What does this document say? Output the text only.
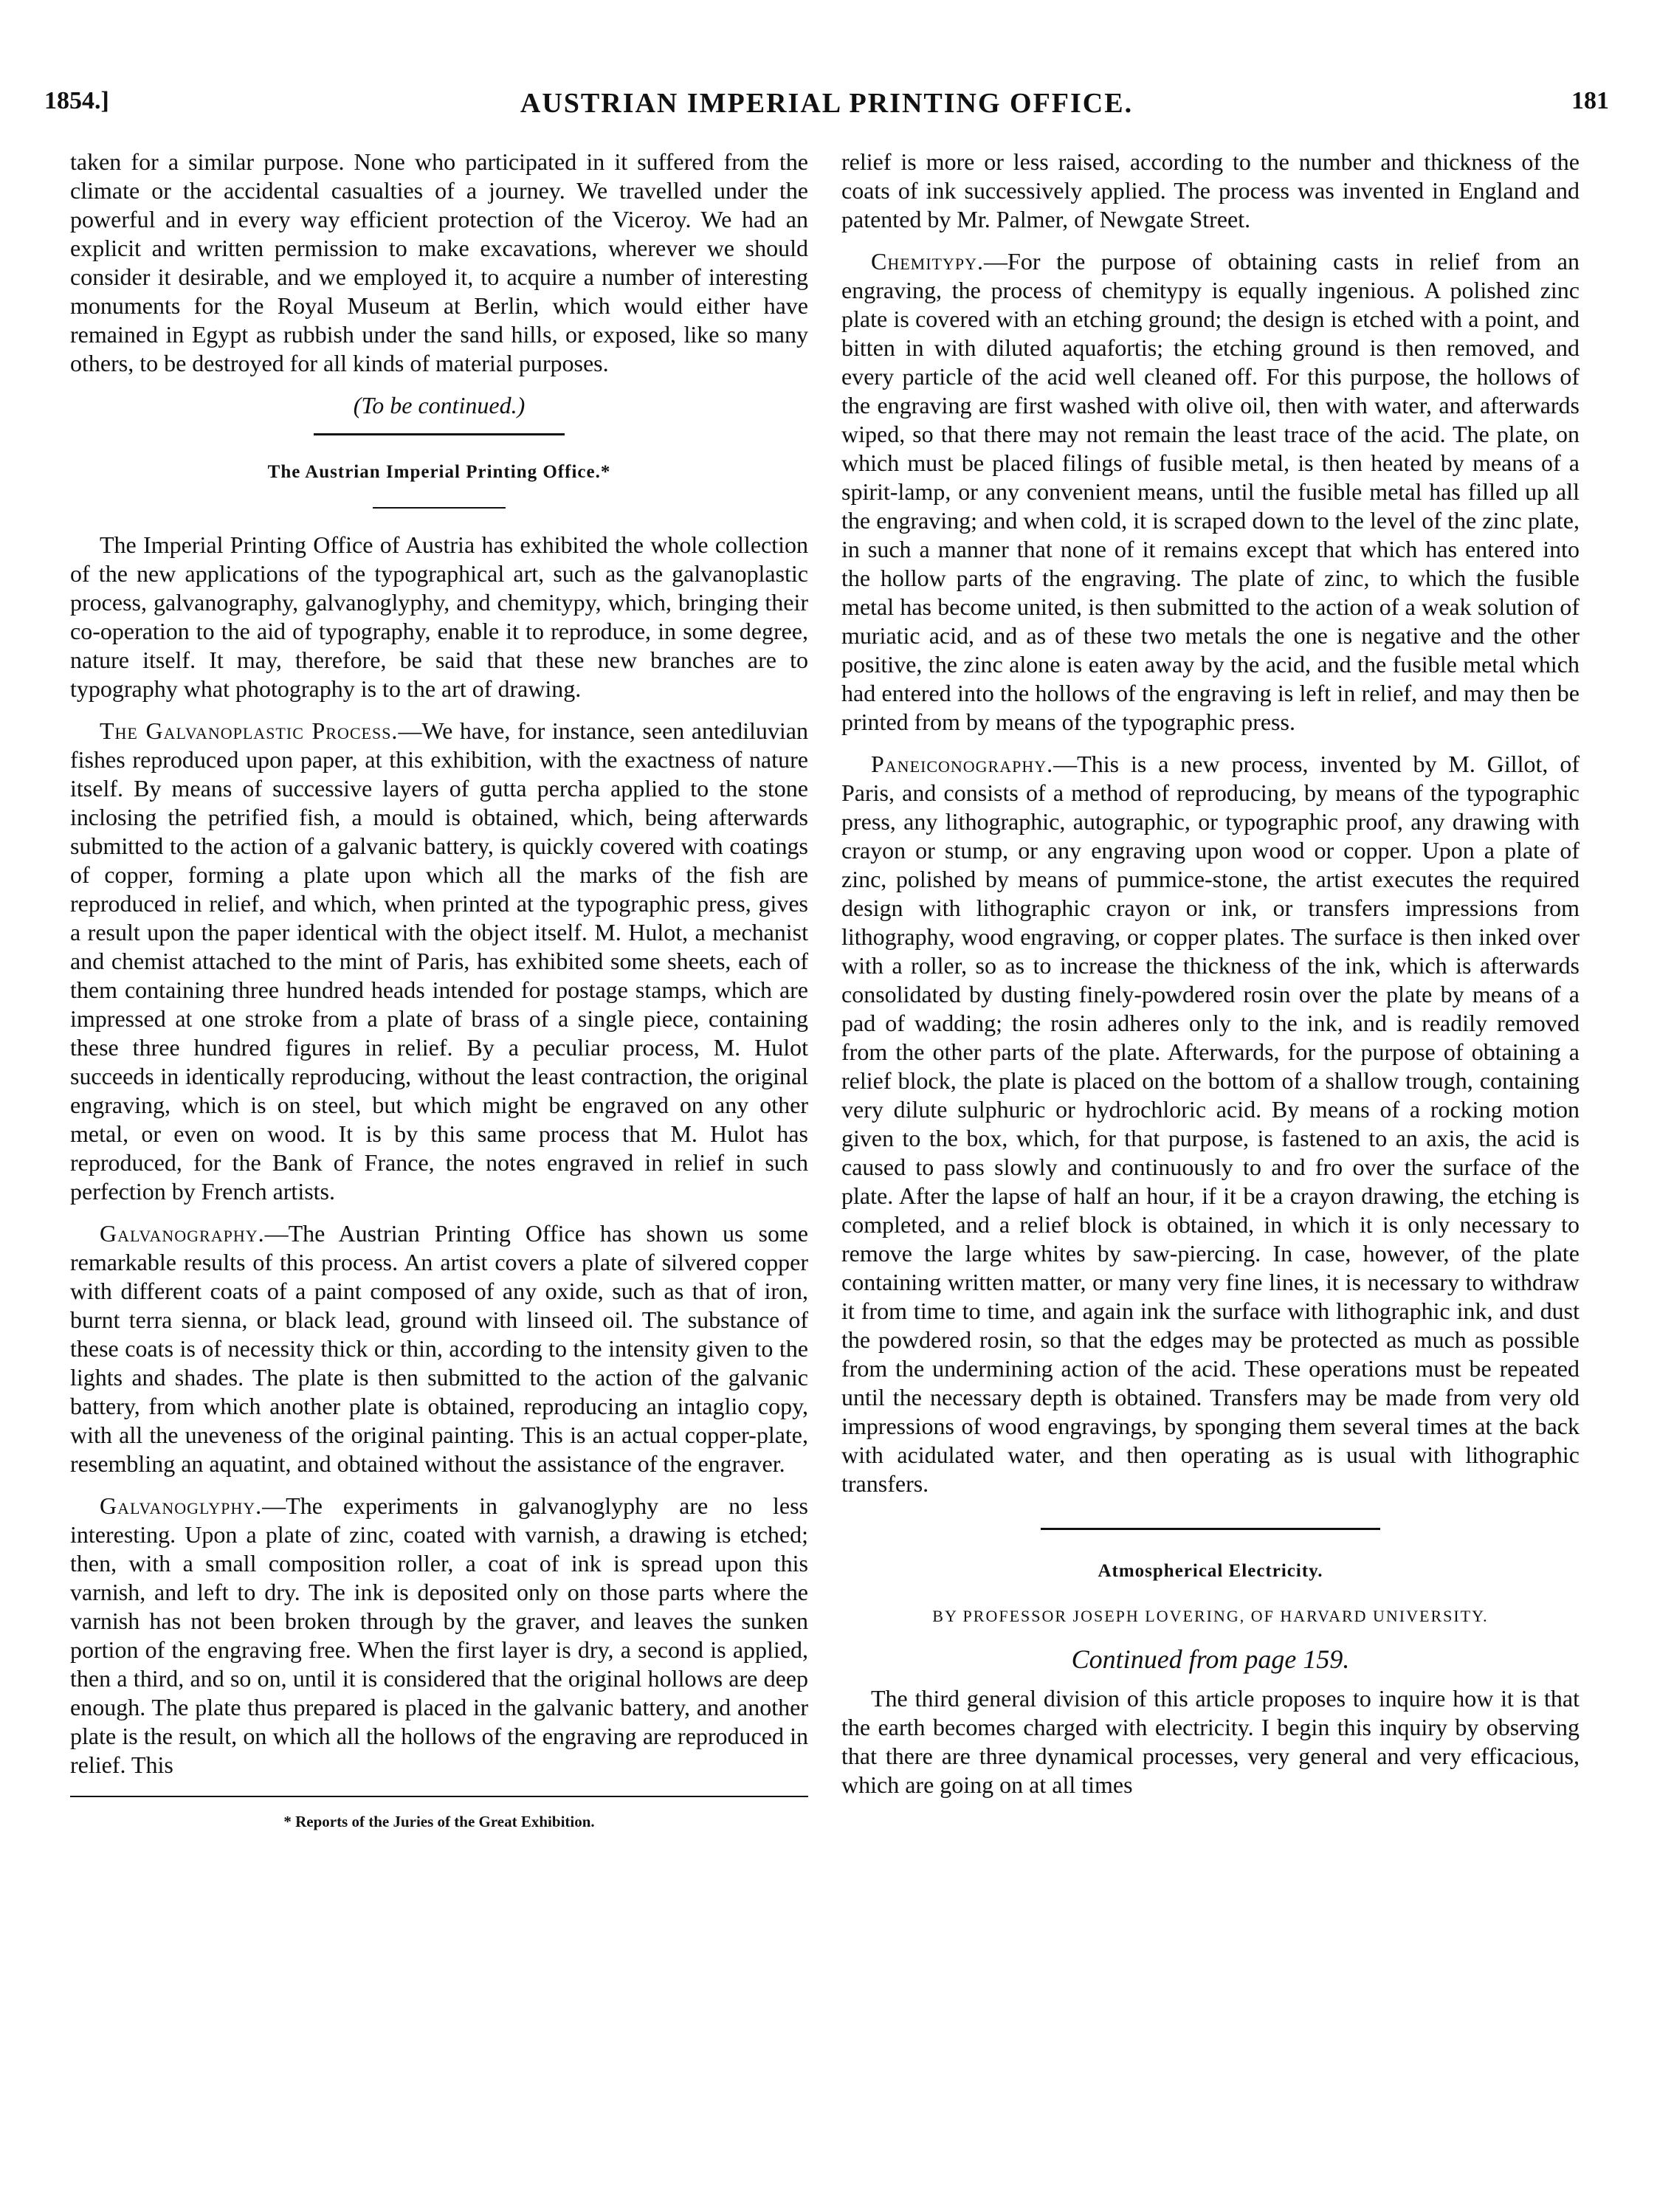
1854.]	AUSTRIAN IMPERIAL PRINTING OFFICE.	181

taken for a similar purpose. None who participated in it suffered from the climate or the accidental casualties of a journey. We travelled under the powerful and in every way efficient protection of the Viceroy. We had an explicit and written permission to make excavations, wherever we should consider it desirable, and we employed it, to acquire a number of interesting monuments for the Royal Museum at Berlin, which would either have remained in Egypt as rubbish under the sand hills, or exposed, like so many others, to be destroyed for all kinds of material purposes.

(To be continued.)

The Austrian Imperial Printing Office.*

The Imperial Printing Office of Austria has exhibited the whole collection of the new applications of the typographical art, such as the galvanoplastic process, galvanography, galvanoglyphy, and chemitypy, which, bringing their co-operation to the aid of typography, enable it to reproduce, in some degree, nature itself. It may, therefore, be said that these new branches are to typography what photography is to the art of drawing.

The Galvanoplastic Process.—We have, for instance, seen antediluvian fishes reproduced upon paper, at this exhibition, with the exactness of nature itself. By means of successive layers of gutta percha applied to the stone inclosing the petrified fish, a mould is obtained, which, being afterwards submitted to the action of a galvanic battery, is quickly covered with coatings of copper, forming a plate upon which all the marks of the fish are reproduced in relief, and which, when printed at the typographic press, gives a result upon the paper identical with the object itself. M. Hulot, a mechanist and chemist attached to the mint of Paris, has exhibited some sheets, each of them containing three hundred heads intended for postage stamps, which are impressed at one stroke from a plate of brass of a single piece, containing these three hundred figures in relief. By a peculiar process, M. Hulot succeeds in identically reproducing, without the least contraction, the original engraving, which is on steel, but which might be engraved on any other metal, or even on wood. It is by this same process that M. Hulot has reproduced, for the Bank of France, the notes engraved in relief in such perfection by French artists.

Galvanography.—The Austrian Printing Office has shown us some remarkable results of this process. An artist covers a plate of silvered copper with different coats of a paint composed of any oxide, such as that of iron, burnt terra sienna, or black lead, ground with linseed oil. The substance of these coats is of necessity thick or thin, according to the intensity given to the lights and shades. The plate is then submitted to the action of the galvanic battery, from which another plate is obtained, reproducing an intaglio copy, with all the uneveness of the original painting. This is an actual copper-plate, resembling an aquatint, and obtained without the assistance of the engraver.

Galvanoglyphy.—The experiments in galvanoglyphy are no less interesting. Upon a plate of zinc, coated with varnish, a drawing is etched; then, with a small composition roller, a coat of ink is spread upon this varnish, and left to dry. The ink is deposited only on those parts where the varnish has not been broken through by the graver, and leaves the sunken portion of the engraving free. When the first layer is dry, a second is applied, then a third, and so on, until it is considered that the original hollows are deep enough. The plate thus prepared is placed in the galvanic battery, and another plate is the result, on which all the hollows of the engraving are reproduced in relief. This

* Reports of the Juries of the Great Exhibition.

relief is more or less raised, according to the number and thickness of the coats of ink successively applied. The process was invented in England and patented by Mr. Palmer, of Newgate Street.

Chemitypy.—For the purpose of obtaining casts in relief from an engraving, the process of chemitypy is equally ingenious. A polished zinc plate is covered with an etching ground; the design is etched with a point, and bitten in with diluted aquafortis; the etching ground is then removed, and every particle of the acid well cleaned off. For this purpose, the hollows of the engraving are first washed with olive oil, then with water, and afterwards wiped, so that there may not remain the least trace of the acid. The plate, on which must be placed filings of fusible metal, is then heated by means of a spirit-lamp, or any convenient means, until the fusible metal has filled up all the engraving; and when cold, it is scraped down to the level of the zinc plate, in such a manner that none of it remains except that which has entered into the hollow parts of the engraving. The plate of zinc, to which the fusible metal has become united, is then submitted to the action of a weak solution of muriatic acid, and as of these two metals the one is negative and the other positive, the zinc alone is eaten away by the acid, and the fusible metal which had entered into the hollows of the engraving is left in relief, and may then be printed from by means of the typographic press.

Paneiconography.—This is a new process, invented by M. Gillot, of Paris, and consists of a method of reproducing, by means of the typographic press, any lithographic, autographic, or typographic proof, any drawing with crayon or stump, or any engraving upon wood or copper. Upon a plate of zinc, polished by means of pummice-stone, the artist executes the required design with lithographic crayon or ink, or transfers impressions from lithography, wood engraving, or copper plates. The surface is then inked over with a roller, so as to increase the thickness of the ink, which is afterwards consolidated by dusting finely-powdered rosin over the plate by means of a pad of wadding; the rosin adheres only to the ink, and is readily removed from the other parts of the plate. Afterwards, for the purpose of obtaining a relief block, the plate is placed on the bottom of a shallow trough, containing very dilute sulphuric or hydrochloric acid. By means of a rocking motion given to the box, which, for that purpose, is fastened to an axis, the acid is caused to pass slowly and continuously to and fro over the surface of the plate. After the lapse of half an hour, if it be a crayon drawing, the etching is completed, and a relief block is obtained, in which it is only necessary to remove the large whites by saw-piercing. In case, however, of the plate containing written matter, or many very fine lines, it is necessary to withdraw it from time to time, and again ink the surface with lithographic ink, and dust the powdered rosin, so that the edges may be protected as much as possible from the undermining action of the acid. These operations must be repeated until the necessary depth is obtained. Transfers may be made from very old impressions of wood engravings, by sponging them several times at the back with acidulated water, and then operating as is usual with lithographic transfers.

Atmospherical Electricity.

BY PROFESSOR JOSEPH LOVERING, OF HARVARD UNIVERSITY.

Continued from page 159.

The third general division of this article proposes to inquire how it is that the earth becomes charged with electricity. I begin this inquiry by observing that there are three dynamical processes, very general and very efficacious, which are going on at all times
